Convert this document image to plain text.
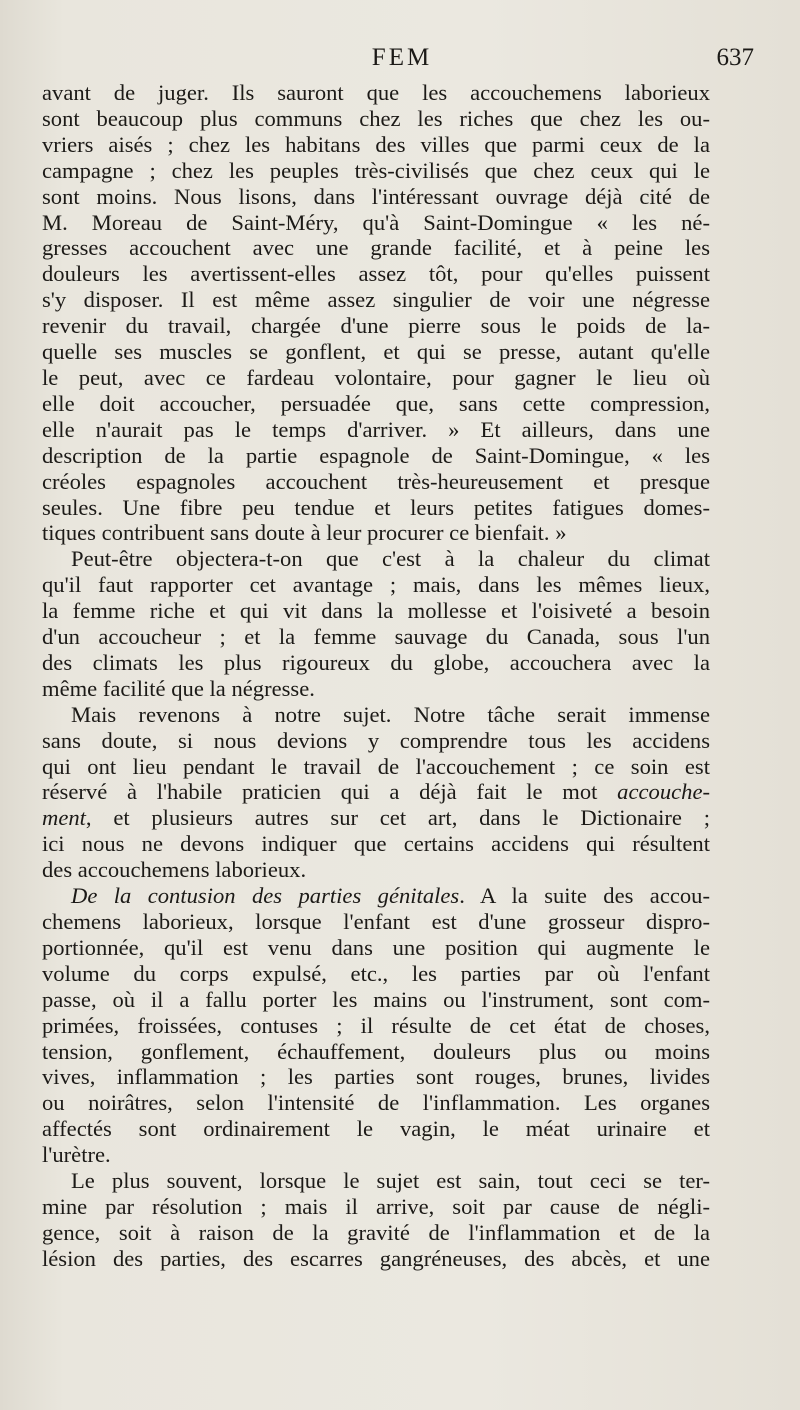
FEM	637
avant de juger. Ils sauront que les accouchemens laborieux
sont beaucoup plus communs chez les riches que chez les ou-
vriers aisés ; chez les habitans des villes que parmi ceux de la
campagne ; chez les peuples très-civilisés que chez ceux qui le
sont moins. Nous lisons, dans l'intéressant ouvrage déjà cité de
M. Moreau de Saint-Méry, qu'à Saint-Domingue « les né-
gresses accouchent avec une grande facilité, et à peine les
douleurs les avertissent-elles assez tôt, pour qu'elles puissent
s'y disposer. Il est même assez singulier de voir une négresse
revenir du travail, chargée d'une pierre sous le poids de la-
quelle ses muscles se gonflent, et qui se presse, autant qu'elle
le peut, avec ce fardeau volontaire, pour gagner le lieu où
elle doit accoucher, persuadée que, sans cette compression,
elle n'aurait pas le temps d'arriver. » Et ailleurs, dans une
description de la partie espagnole de Saint-Domingue, « les
créoles espagnoles accouchent très-heureusement et presque
seules. Une fibre peu tendue et leurs petites fatigues domes-
tiques contribuent sans doute à leur procurer ce bienfait. »
Peut-être objectera-t-on que c'est à la chaleur du climat
qu'il faut rapporter cet avantage ; mais, dans les mêmes lieux,
la femme riche et qui vit dans la mollesse et l'oisiveté a besoin
d'un accoucheur ; et la femme sauvage du Canada, sous l'un
des climats les plus rigoureux du globe, accouchera avec la
même facilité que la négresse.
Mais revenons à notre sujet. Notre tâche serait immense
sans doute, si nous devions y comprendre tous les accidens
qui ont lieu pendant le travail de l'accouchement ; ce soin est
réservé à l'habile praticien qui a déjà fait le mot accouche-
ment, et plusieurs autres sur cet art, dans le Dictionaire ;
ici nous ne devons indiquer que certains accidens qui résultent
des accouchemens laborieux.
De la contusion des parties génitales. A la suite des accou-
chemens laborieux, lorsque l'enfant est d'une grosseur dispro-
portionnée, qu'il est venu dans une position qui augmente le
volume du corps expulsé, etc., les parties par où l'enfant
passe, où il a fallu porter les mains ou l'instrument, sont com-
primées, froissées, contuses ; il résulte de cet état de choses,
tension, gonflement, échauffement, douleurs plus ou moins
vives, inflammation ; les parties sont rouges, brunes, livides
ou noirâtres, selon l'intensité de l'inflammation. Les organes
affectés sont ordinairement le vagin, le méat urinaire et
l'urètre.
Le plus souvent, lorsque le sujet est sain, tout ceci se ter-
mine par résolution ; mais il arrive, soit par cause de négli-
gence, soit à raison de la gravité de l'inflammation et de la
lésion des parties, des escarres gangréneuses, des abcès, et une
